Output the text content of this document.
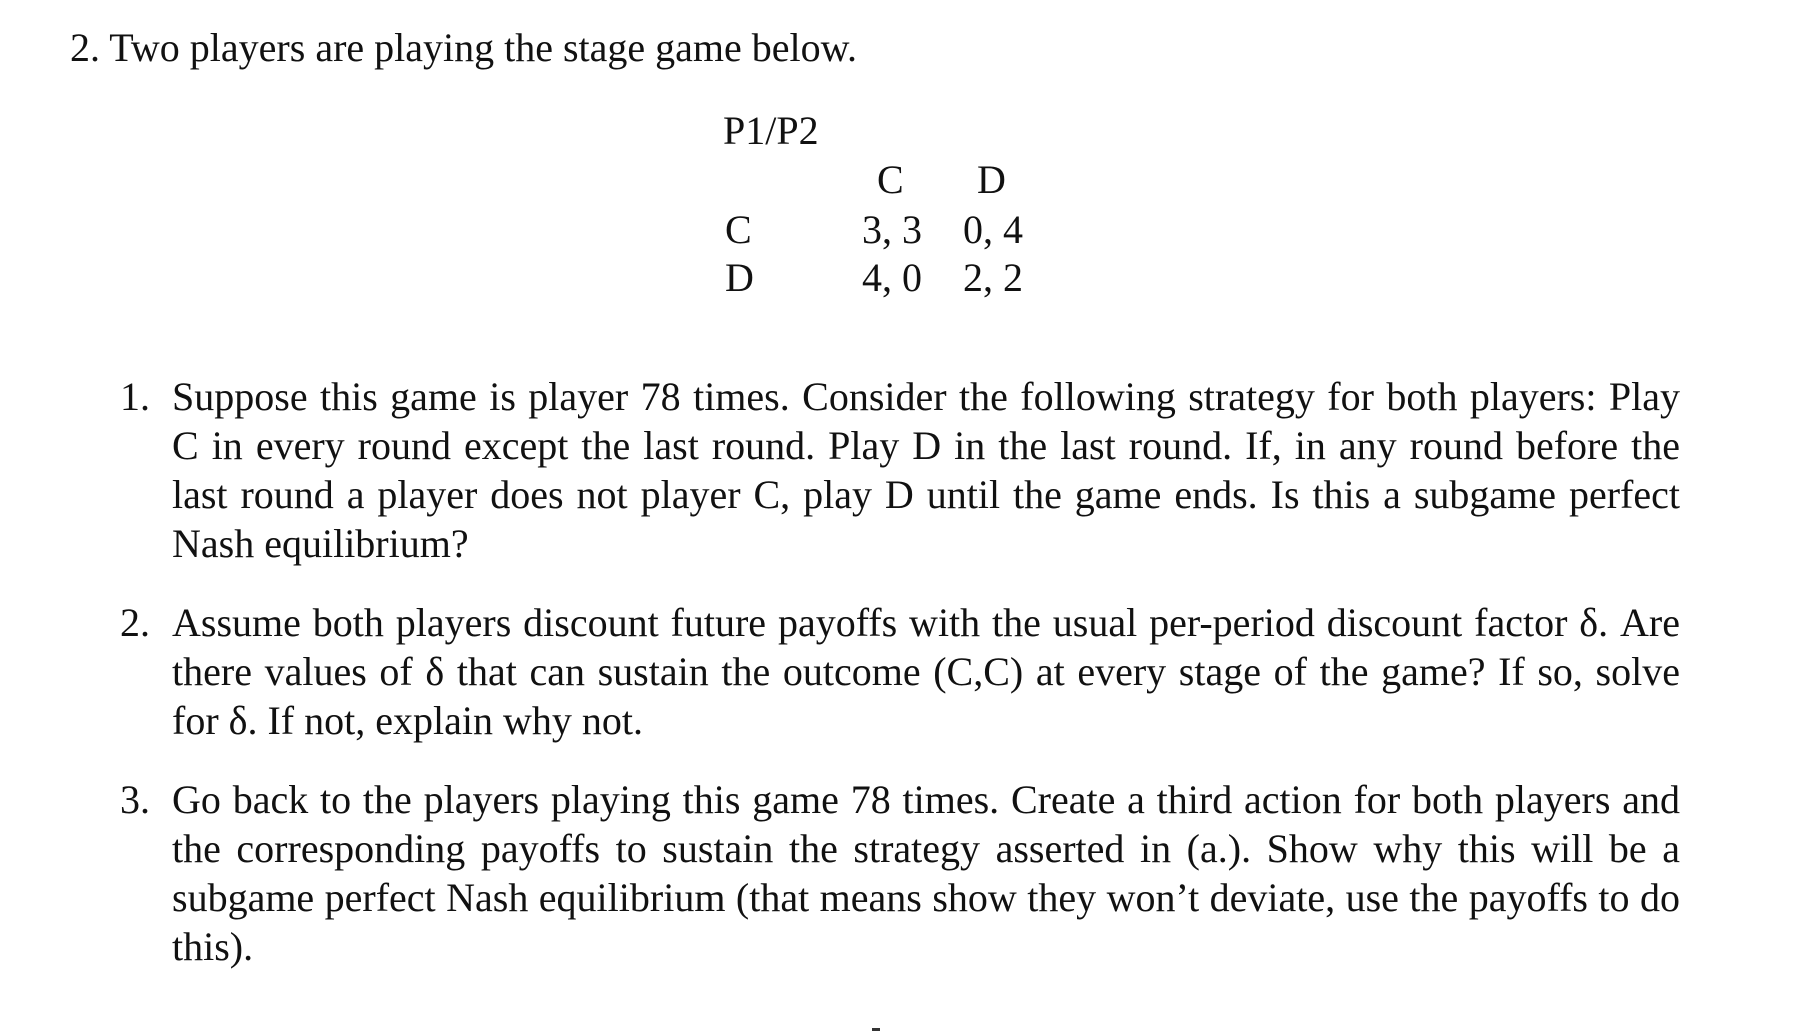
2. Two players are playing the stage game below.
P1/P2
C D
C
D
3, 3 0, 4
4, 0 2, 2
1. Suppose this game is player 78 times. Consider the following strategy for both players: Play C in every round except the last round. Play D in the last round. If, in any round before the last round a player does not player C, play D until the game ends. Is this a subgame perfect Nash equilibrium?
2. Assume both players discount future payoffs with the usual per-period discount factor δ. Are there values of δ that can sustain the outcome (C,C) at every stage of the game? If so, solve for δ. If not, explain why not.
3. Go back to the players playing this game 78 times. Create a third action for both players and the corresponding payoffs to sustain the strategy asserted in (a.). Show why this will be a subgame perfect Nash equilibrium (that means show they won’t deviate, use the payoffs to do this).
